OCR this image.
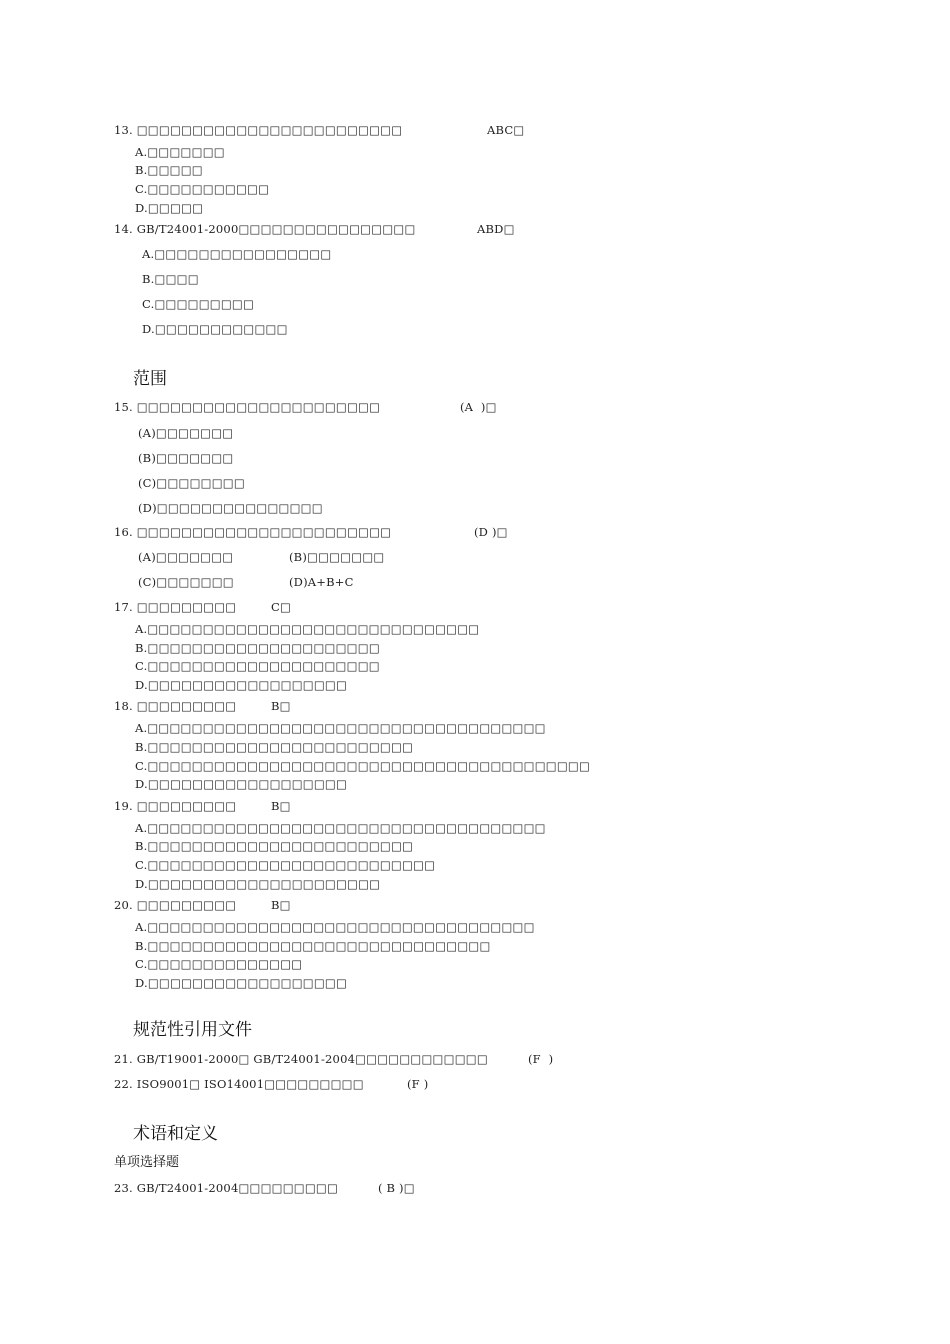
13. □□□□□□□□□□□□□□□□□□□□□□□□	ABC□
A.□□□□□□□
B.□□□□□
C.□□□□□□□□□□□
D.□□□□□
14. GB/T24001-2000□□□□□□□□□□□□□□□□	ABD□
A.□□□□□□□□□□□□□□□□
B.□□□□
C.□□□□□□□□□
D.□□□□□□□□□□□□
范围
15. □□□□□□□□□□□□□□□□□□□□□□	(A  )□
(A)□□□□□□□
(B)□□□□□□□
(C)□□□□□□□□
(D)□□□□□□□□□□□□□□□
16. □□□□□□□□□□□□□□□□□□□□□□□	(D )□
(A)□□□□□□□	(B)□□□□□□□
(C)□□□□□□□	(D)A+B+C
17. □□□□□□□□□	C□
A.□□□□□□□□□□□□□□□□□□□□□□□□□□□□□□
B.□□□□□□□□□□□□□□□□□□□□□
C.□□□□□□□□□□□□□□□□□□□□□
D.□□□□□□□□□□□□□□□□□□
18. □□□□□□□□□	B□
A.□□□□□□□□□□□□□□□□□□□□□□□□□□□□□□□□□□□□
B.□□□□□□□□□□□□□□□□□□□□□□□□
C.□□□□□□□□□□□□□□□□□□□□□□□□□□□□□□□□□□□□□□□□
D.□□□□□□□□□□□□□□□□□□
19. □□□□□□□□□	B□
A.□□□□□□□□□□□□□□□□□□□□□□□□□□□□□□□□□□□□
B.□□□□□□□□□□□□□□□□□□□□□□□□
C.□□□□□□□□□□□□□□□□□□□□□□□□□□
D.□□□□□□□□□□□□□□□□□□□□□
20. □□□□□□□□□	B□
A.□□□□□□□□□□□□□□□□□□□□□□□□□□□□□□□□□□□
B.□□□□□□□□□□□□□□□□□□□□□□□□□□□□□□□
C.□□□□□□□□□□□□□□
D.□□□□□□□□□□□□□□□□□□
规范性引用文件
21. GB/T19001-2000□ GB/T24001-2004□□□□□□□□□□□□	(F  )
22. ISO9001□ ISO14001□□□□□□□□□	(F )
术语和定义
单项选择题
23. GB/T24001-2004□□□□□□□□□	( B )□
